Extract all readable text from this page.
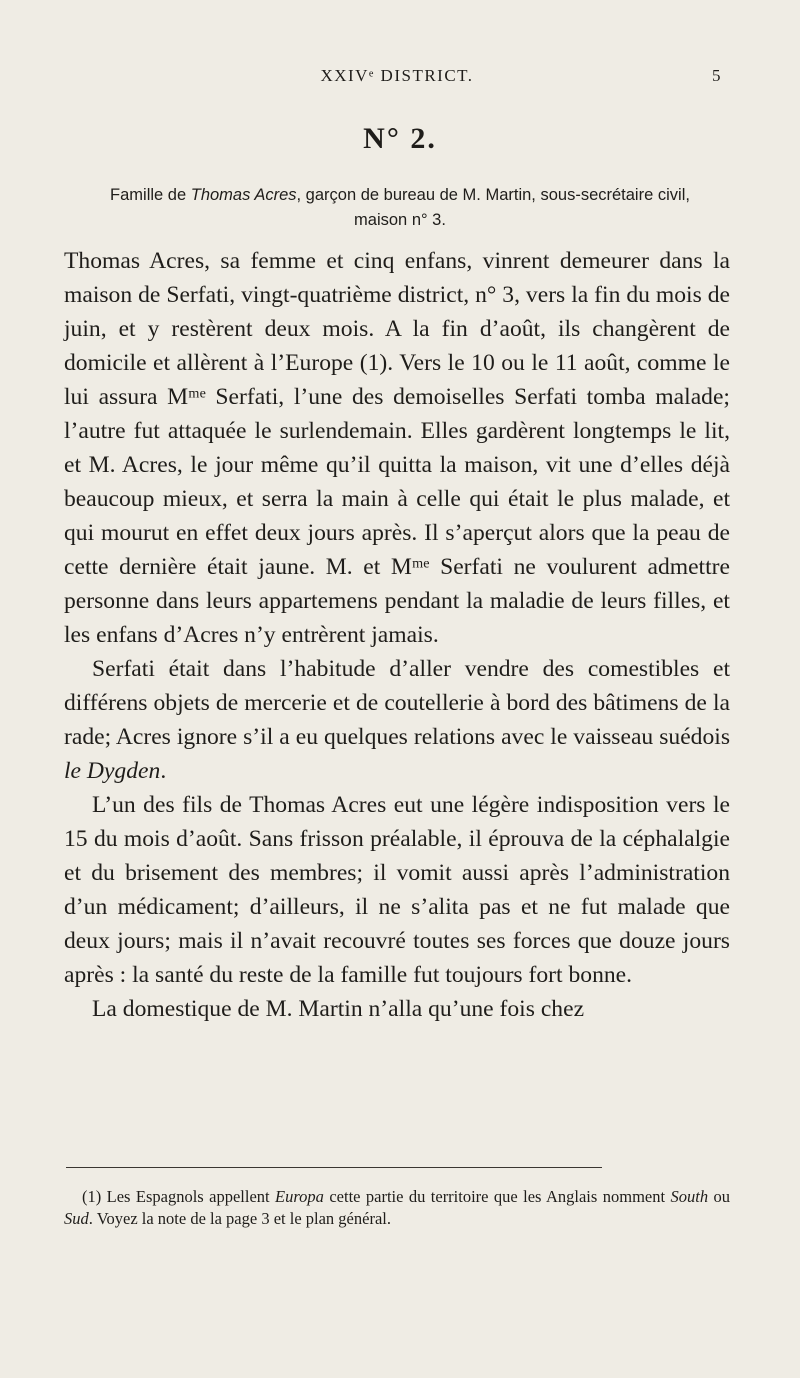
XXIVᵉ DISTRICT.	5
N° 2.
Famille de Thomas Acres, garçon de bureau de M. Martin, sous-secrétaire civil, maison n° 3.

Thomas Acres, sa femme et cinq enfans, vinrent demeurer dans la maison de Serfati, vingt-quatrième district, n° 3, vers la fin du mois de juin, et y restèrent deux mois. A la fin d’août, ils changèrent de domicile et allèrent à l’Europe (1). Vers le 10 ou le 11 août, comme le lui assura Mᵐᵉ Serfati, l’une des demoiselles Serfati tomba malade; l’autre fut attaquée le surlendemain. Elles gardèrent longtemps le lit, et M. Acres, le jour même qu’il quitta la maison, vit une d’elles déjà beaucoup mieux, et serra la main à celle qui était le plus malade, et qui mourut en effet deux jours après. Il s’aperçut alors que la peau de cette dernière était jaune. M. et Mᵐᵉ Serfati ne voulurent admettre personne dans leurs appartemens pendant la maladie de leurs filles, et les enfans d’Acres n’y entrèrent jamais.

Serfati était dans l’habitude d’aller vendre des comestibles et différens objets de mercerie et de coutellerie à bord des bâtimens de la rade; Acres ignore s’il a eu quelques relations avec le vaisseau suédois le Dygden.

L’un des fils de Thomas Acres eut une légère indisposition vers le 15 du mois d’août. Sans frisson préalable, il éprouva de la céphalalgie et du brisement des membres; il vomit aussi après l’administration d’un médicament; d’ailleurs, il ne s’alita pas et ne fut malade que deux jours; mais il n’avait recouvré toutes ses forces que douze jours après : la santé du reste de la famille fut toujours fort bonne.

La domestique de M. Martin n’alla qu’une fois chez

(1) Les Espagnols appellent Europa cette partie du territoire que les Anglais nomment South ou Sud. Voyez la note de la page 3 et le plan général.
